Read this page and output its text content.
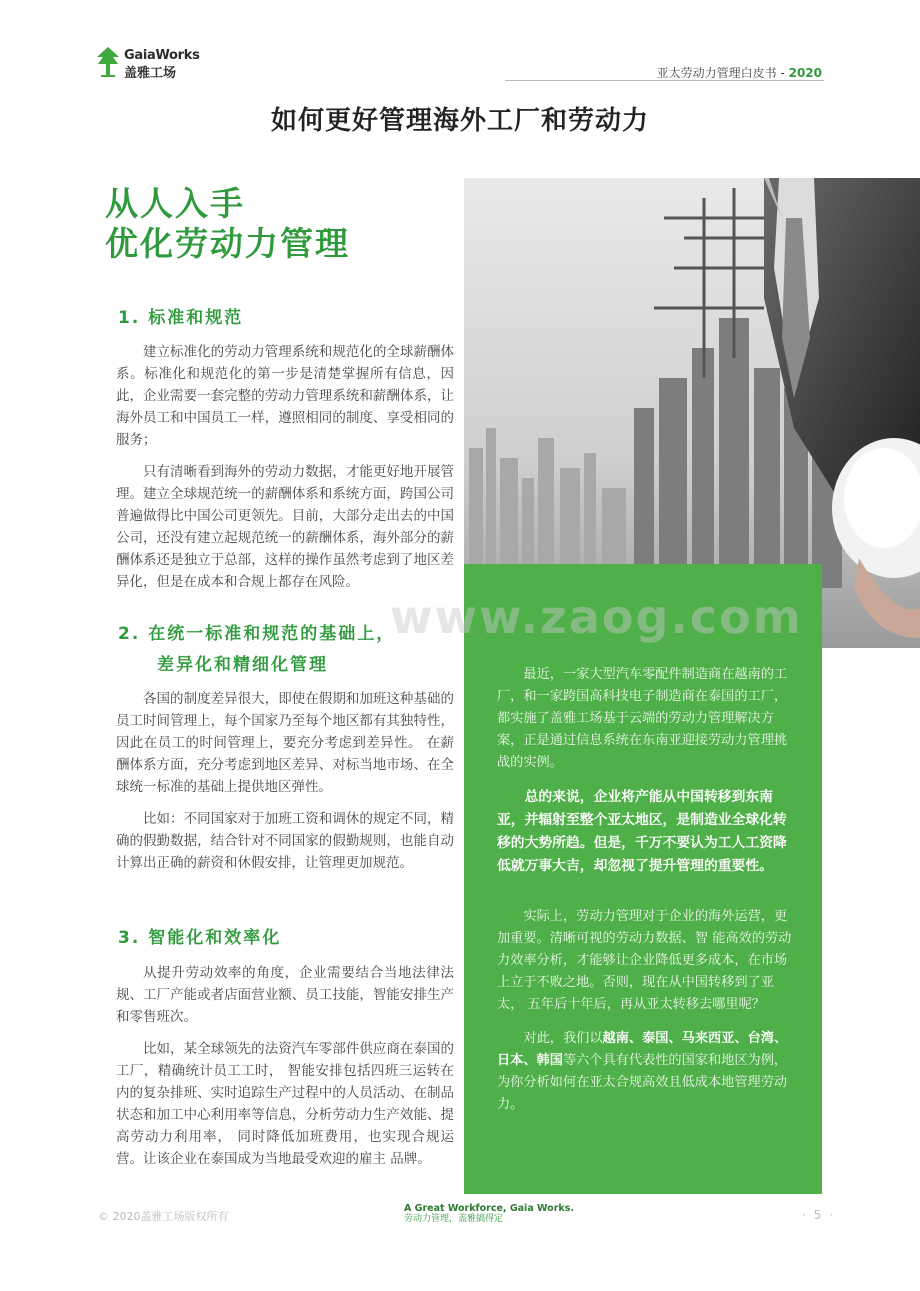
GaiaWorks
盖雅工场	亚太劳动力管理白皮书 - 2020
如何更好管理海外工厂和劳动力
从人入手
优化劳动力管理

最近，一家大型汽车零配件制造商在越南的工厂，和一家跨国高科技电子制造商在泰国的工厂，都实施了盖雅工场基于云端的劳动力管理解决方案，正是通过信息系统在东南亚迎接劳动力管理挑战的实例。

总的来说，企业将产能从中国转移到东南亚，并辐射至整个亚太地区，是制造业全球化转移的大势所趋。但是，千万不要认为工人工资降低就万事大吉，却忽视了提升管理的重要性。

实际上，劳动力管理对于企业的海外运营，更加重要。清晰可视的劳动力数据、智 能高效的劳动力效率分析，才能够让企业降低更多成本，在市场上立于不败之地。否则，现在从中国转移到了亚太， 五年后十年后，再从亚太转移去哪里呢？

对此，我们以越南、泰国、马来西亚、台湾、日本、韩国等六个具有代表性的国家和地区为例，为你分析如何在亚太合规高效且低成本地管理劳动力。

www.zaog.com
1. 标准和规范

建立标准化的劳动力管理系统和规范化的全球薪酬体系。标准化和规范化的第一步是清楚掌握所有信息，因此，企业需要一套完整的劳动力管理系统和薪酬体系，让海外员工和中国员工一样，遵照相同的制度、享受相同的服务；

只有清晰看到海外的劳动力数据，才能更好地开展管理。建立全球规范统一的薪酬体系和系统方面，跨国公司普遍做得比中国公司更领先。目前，大部分走出去的中国公司，还没有建立起规范统一的薪酬体系，海外部分的薪酬体系还是独立于总部，这样的操作虽然考虑到了地区差异化，但是在成本和合规上都存在风险。

2. 在统一标准和规范的基础上，
差异化和精细化管理

各国的制度差异很大，即使在假期和加班这种基础的员工时间管理上，每个国家乃至每个地区都有其独特性，因此在员工的时间管理上，要充分考虑到差异性。 在薪酬体系方面，充分考虑到地区差异、对标当地市场、在全球统一标准的基础上提供地区弹性。

比如：不同国家对于加班工资和调休的规定不同，精确的假勤数据，结合针对不同国家的假勤规则，也能自动计算出正确的薪资和休假安排，让管理更加规范。

3. 智能化和效率化

从提升劳动效率的角度，企业需要结合当地法律法规、工厂产能或者店面营业额、员工技能，智能安排生产和零售班次。

比如，某全球领先的法资汽车零部件供应商在泰国的工厂，精确统计员工工时， 智能安排包括四班三运转在内的复杂排班、实时追踪生产过程中的人员活动、在制品状态和加工中心利用率等信息，分析劳动力生产效能、提高劳动力利用率， 同时降低加班费用，也实现合规运营。让该企业在泰国成为当地最受欢迎的雇主 品牌。

© 2020盖雅工场版权所有
A Great Workforce, Gaia Works.
劳动力管理，盖雅搞得定	· 5 ·
